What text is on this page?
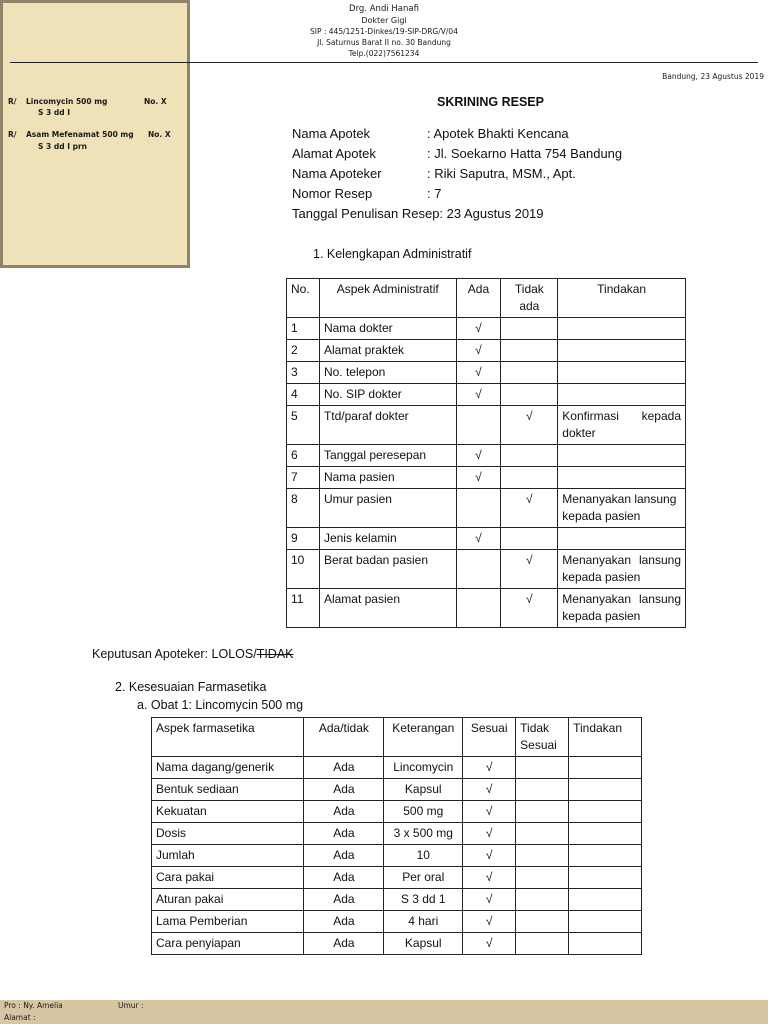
Drg. Andi Hanafi
Dokter Gigi
SIP : 445/1251-Dinkes/19-SIP-DRG/V/04
Jl. Saturnus Barat II no. 30 Bandung
Telp.(022)7561234
Bandung, 23 Agustus 2019
R/ Lincomycin 500 mg	No. X
S 3 dd I
R/ Asam Mefenamat 500 mg No. X
S 3 dd I prn
Pro : Ny. Amelia	Umur :
Alamat :
SKRINING RESEP
Nama Apotek	: Apotek Bhakti Kencana
Alamat Apotek	: Jl. Soekarno Hatta 754 Bandung
Nama Apoteker	: Riki Saputra, MSM., Apt.
Nomor Resep	: 7
Tanggal Penulisan Resep: 23 Agustus 2019
1. Kelengkapan Administratif
No.	Aspek Administratif	Ada	Tidak ada	Tindakan
1	Nama dokter	√		
2	Alamat praktek	√		
3	No. telepon	√		
4	No. SIP dokter	√		
5	Ttd/paraf dokter		√	Konfirmasi kepada dokter
6	Tanggal peresepan	√		
7	Nama pasien	√		
8	Umur pasien		√	Menanyakan lansung kepada pasien
9	Jenis kelamin	√		
10	Berat badan pasien		√	Menanyakan lansung kepada pasien
11	Alamat pasien		√	Menanyakan lansung kepada pasien
Keputusan Apoteker: LOLOS/TIDAK
2. Kesesuaian Farmasetika
a. Obat 1: Lincomycin 500 mg
Aspek farmasetika	Ada/tidak	Keterangan	Sesuai	Tidak Sesuai	Tindakan
Nama dagang/generik	Ada	Lincomycin	√		
Bentuk sediaan	Ada	Kapsul	√		
Kekuatan	Ada	500 mg	√		
Dosis	Ada	3 x 500 mg	√		
Jumlah	Ada	10	√		
Cara pakai	Ada	Per oral	√		
Aturan pakai	Ada	S 3 dd 1	√		
Lama Pemberian	Ada	4 hari	√		
Cara penyiapan	Ada	Kapsul	√		
